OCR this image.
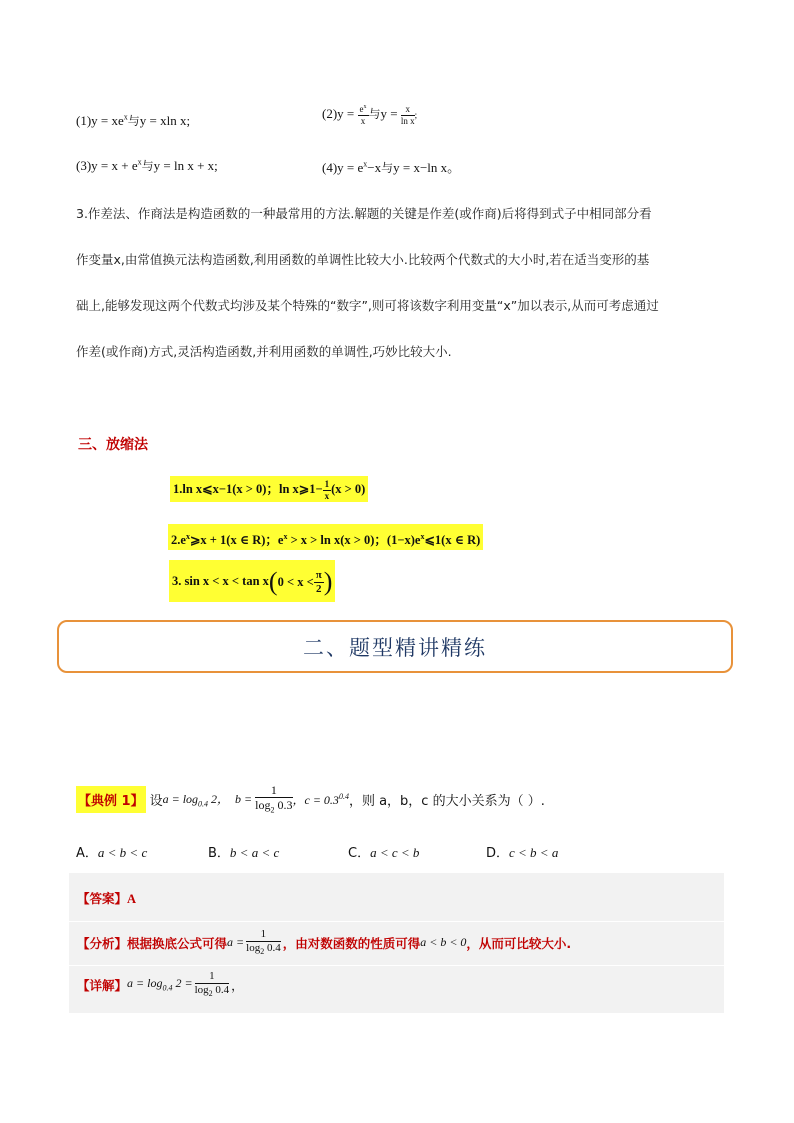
$(1)y = xe^x$与y = xln x;	$(2)y = \frac{e^x}{x}$ 与$y = \frac{x}{\text{ln x}}$ ;
$(3)y = x + e^x$与y = ln x + x;	$(4)y = e^x-x$与y = x−ln x。
3.作差法、作商法是构造函数的一种最常用的方法.解题的关键是作差(或作商)后将得到式子中相同部分看
作变量x,由常值换元法构造函数,利用函数的单调性比较大小.比较两个代数式的大小时,若在适当变形的基
础上,能够发现这两个代数式均涉及某个特殊的“数字”,则可将该数字利用变量“x”加以表示,从而可考虑通过
作差(或作商)方式,灵活构造函数,并利用函数的单调性,巧妙比较大小.
三、放缩法
1.ln x⩽x−1(x > 0)；ln x⩾1− $\frac{1}{x} (x > 0)$
$2.e^x⩾x + 1(x$ ∈ R)；$e^x > x > \ln x(x > 0)$；$(1-x)e^x⩽1(x$ ∈ R)
3. $\sin x < x < \tan x(0 < x < \frac{\pi}{2}$ )
二、题型精讲精练
【典例 1】 设 $a = \log_{0.4} 2$， $b = \frac{1}{\log_2 0.3}$ ，$c = 0.3^{0.4}$ ，则 a，b，c 的大小关系为（ ）.
A．a < b < c	B．b < a < c	C．a < c < b	D．c < b < a
【答案】A
【分析】 根据换底公式可得 $a = \frac{1}{\log_2 0.4}$ ，由对数函数的性质可得 a < b < 0 ，从而可比较大小.
【详解】 $a = \log_{0.4} 2 = \frac{1}{\log_2 0.4}$ ，
